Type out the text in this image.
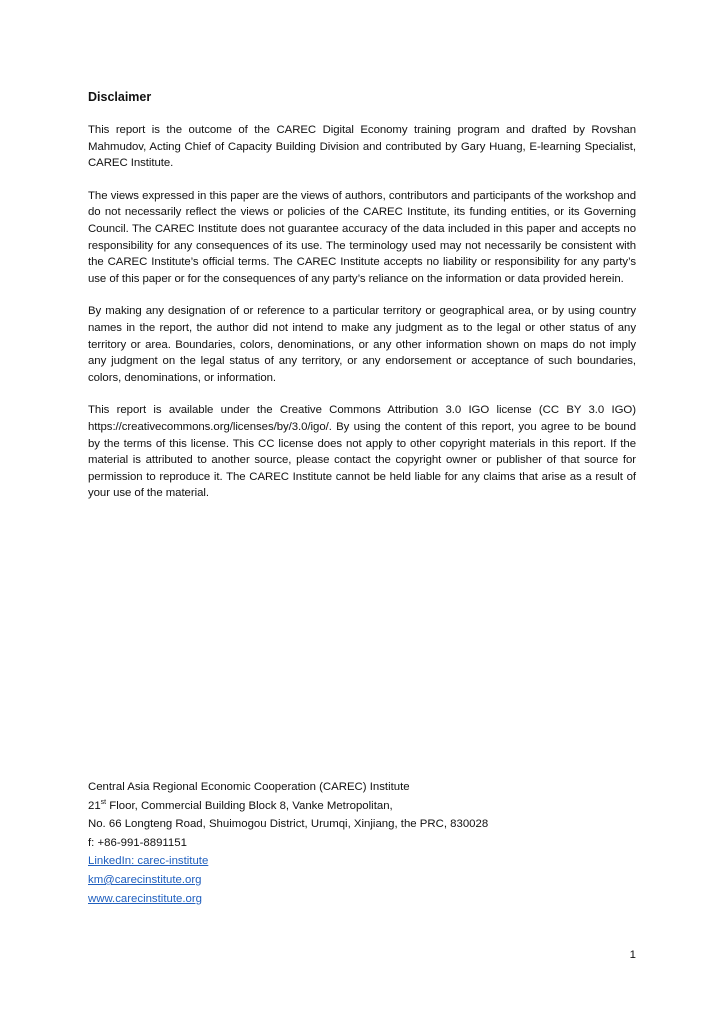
Disclaimer

This report is the outcome of the CAREC Digital Economy training program and drafted by Rovshan Mahmudov, Acting Chief of Capacity Building Division and contributed by Gary Huang, E-learning Specialist, CAREC Institute.

The views expressed in this paper are the views of authors, contributors and participants of the workshop and do not necessarily reflect the views or policies of the CAREC Institute, its funding entities, or its Governing Council. The CAREC Institute does not guarantee accuracy of the data included in this paper and accepts no responsibility for any consequences of its use. The terminology used may not necessarily be consistent with the CAREC Institute’s official terms. The CAREC Institute accepts no liability or responsibility for any party’s use of this paper or for the consequences of any party’s reliance on the information or data provided herein.

By making any designation of or reference to a particular territory or geographical area, or by using country names in the report, the author did not intend to make any judgment as to the legal or other status of any territory or area. Boundaries, colors, denominations, or any other information shown on maps do not imply any judgment on the legal status of any territory, or any endorsement or acceptance of such boundaries, colors, denominations, or information.

This report is available under the Creative Commons Attribution 3.0 IGO license (CC BY 3.0 IGO) https://creativecommons.org/licenses/by/3.0/igo/. By using the content of this report, you agree to be bound by the terms of this license. This CC license does not apply to other copyright materials in this report. If the material is attributed to another source, please contact the copyright owner or publisher of that source for permission to reproduce it. The CAREC Institute cannot be held liable for any claims that arise as a result of your use of the material.

Central Asia Regional Economic Cooperation (CAREC) Institute
21st Floor, Commercial Building Block 8, Vanke Metropolitan,
No. 66 Longteng Road, Shuimogou District, Urumqi, Xinjiang, the PRC, 830028
f: +86-991-8891151
LinkedIn: carec-institute
km@carecinstitute.org
www.carecinstitute.org
1
